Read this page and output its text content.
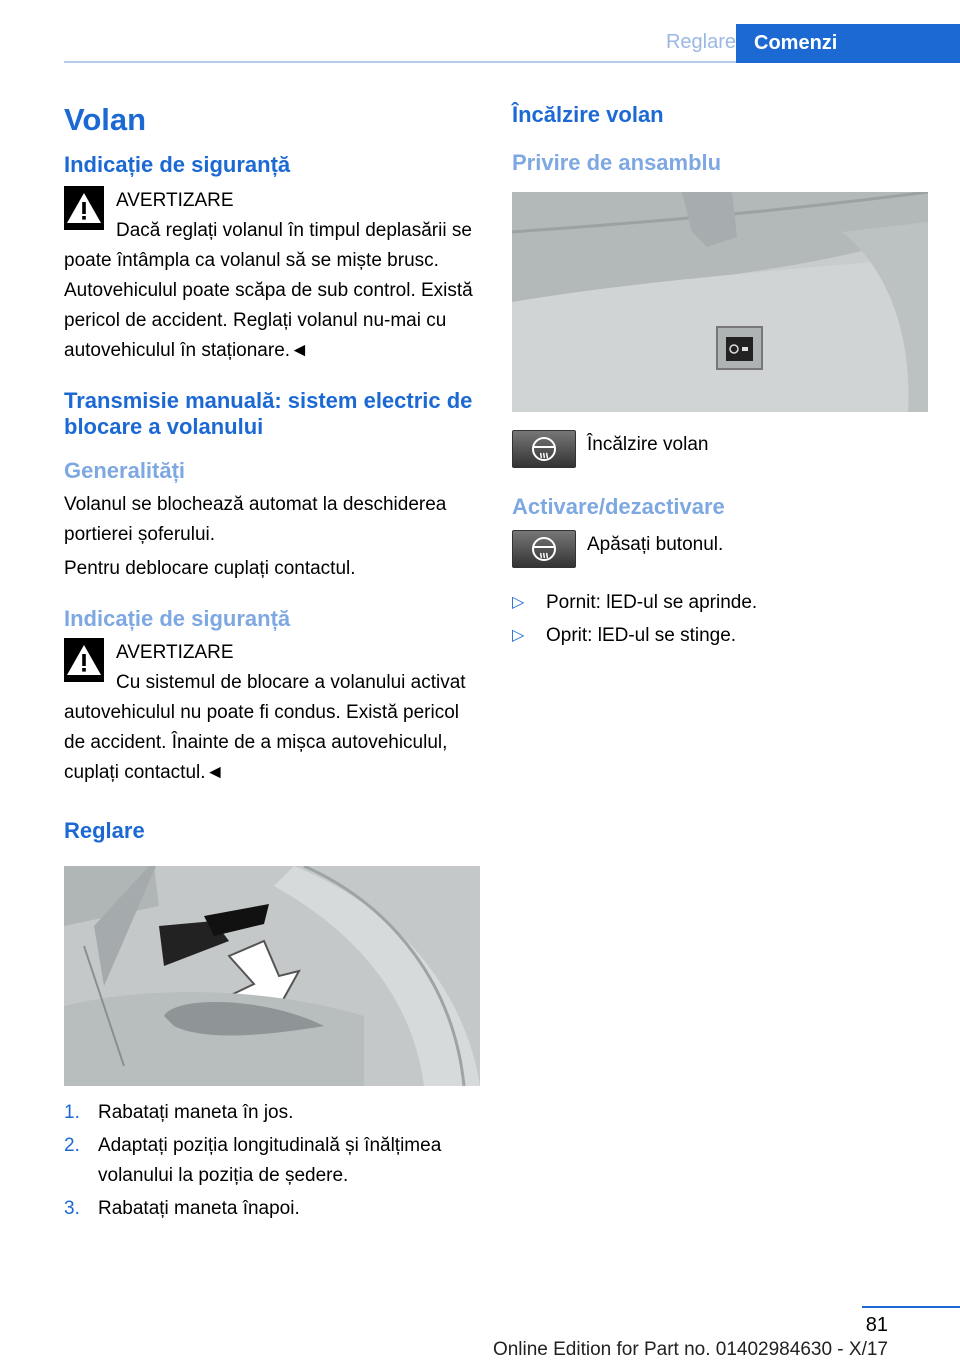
Reglare Comenzi
Volan
Indicație de siguranță

AVERTIZARE

Dacă reglați volanul în timpul deplasării se poate întâmpla ca volanul să se miște brusc. Autovehiculul poate scăpa de sub control. Există pericol de accident. Reglați volanul nu-mai cu autovehiculul în staționare.◄

Transmisie manuală: sistem electric de blocare a volanului
Generalități

Volanul se blochează automat la deschiderea portierei șoferului.

Pentru deblocare cuplați contactul.

Indicație de siguranță

AVERTIZARE

Cu sistemul de blocare a volanului activat autovehiculul nu poate fi condus. Există pericol de accident. Înainte de a mișca autovehiculul, cuplați contactul.◄

Reglare
1. Rabatați maneta în jos.
2. Adaptați poziția longitudinală și înălțimea volanului la poziția de ședere.
3. Rabatați maneta înapoi.
Încălzire volan
Privire de ansamblu

Încălzire volan

Activare/dezactivare

Apăsați butonul.

▷ Pornit: lED-ul se aprinde.
▷ Oprit: lED-ul se stinge.
81
Online Edition for Part no. 01402984630 - X/17
